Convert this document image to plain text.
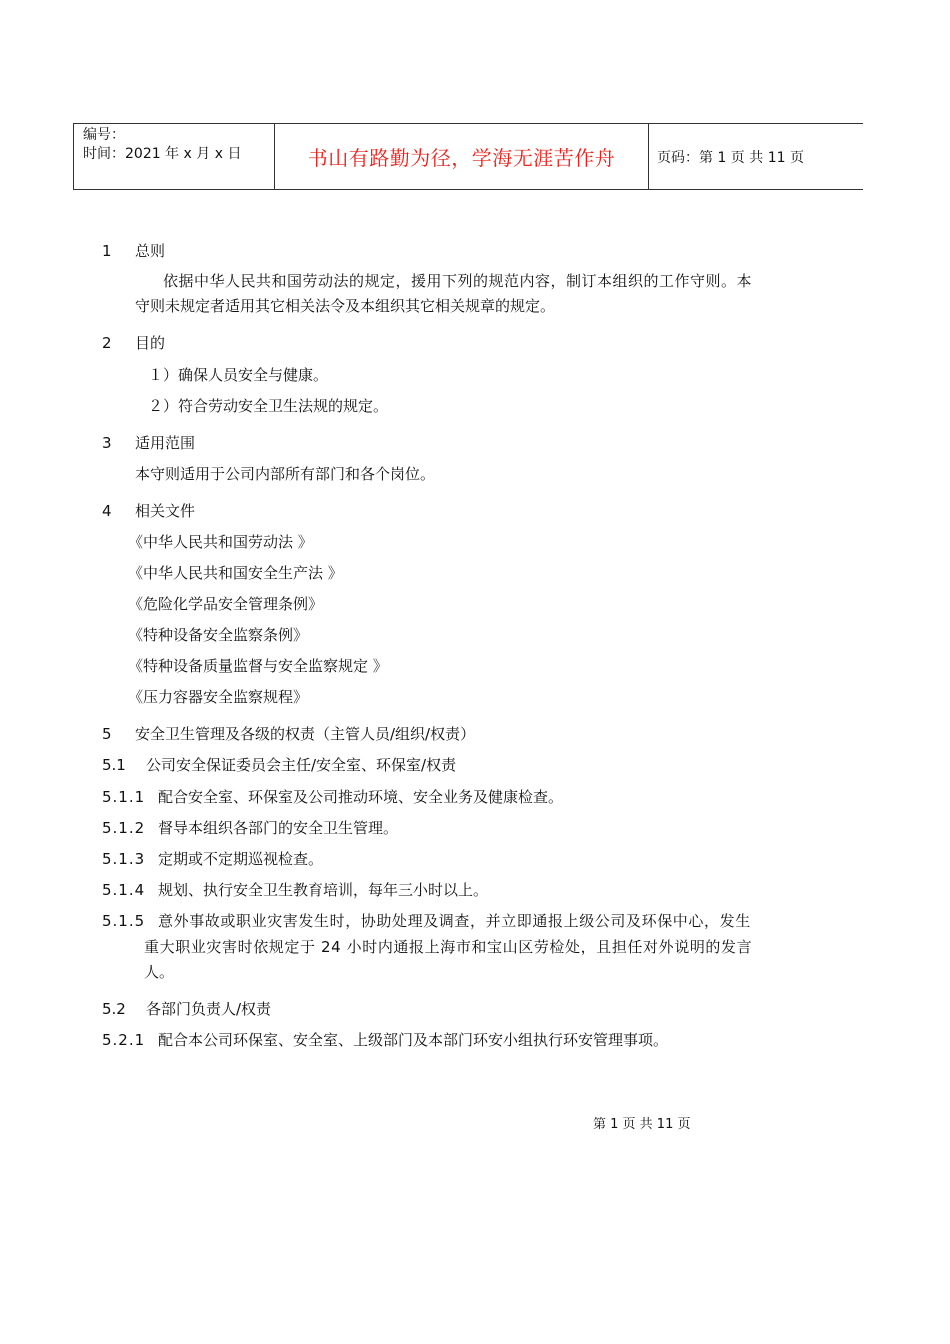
编号：
时间：2021 年 x 月 x 日	书山有路勤为径，学海无涯苦作舟	页码：第 1 页 共 11 页
1 总则
依据中华人民共和国劳动法的规定，援用下列的规范内容，制订本组织的工作守则。本
守则未规定者适用其它相关法令及本组织其它相关规章的规定。
2 目的
１）确保人员安全与健康。
２）符合劳动安全卫生法规的规定。
3 适用范围
本守则适用于公司内部所有部门和各个岗位。
4 相关文件
《中华人民共和国劳动法 》
《中华人民共和国安全生产法 》
《危险化学品安全管理条例》
《特种设备安全监察条例》
《特种设备质量监督与安全监察规定 》
《压力容器安全监察规程》
5 安全卫生管理及各级的权责（主管人员/组织/权责）
5.1 公司安全保证委员会主任/安全室、环保室/权责
5.1.1 配合安全室、环保室及公司推动环境、安全业务及健康检查。
5.1.2 督导本组织各部门的安全卫生管理。
5.1.3 定期或不定期巡视检查。
5.1.4 规划、执行安全卫生教育培训，每年三小时以上。
5.1.5 意外事故或职业灾害发生时，协助处理及调查，并立即通报上级公司及环保中心，发生
重大职业灾害时依规定于 24 小时内通报上海市和宝山区劳检处，且担任对外说明的发言
人。
5.2 各部门负责人/权责
5.2.1 配合本公司环保室、安全室、上级部门及本部门环安小组执行环安管理事项。
第 1 页 共 11 页
